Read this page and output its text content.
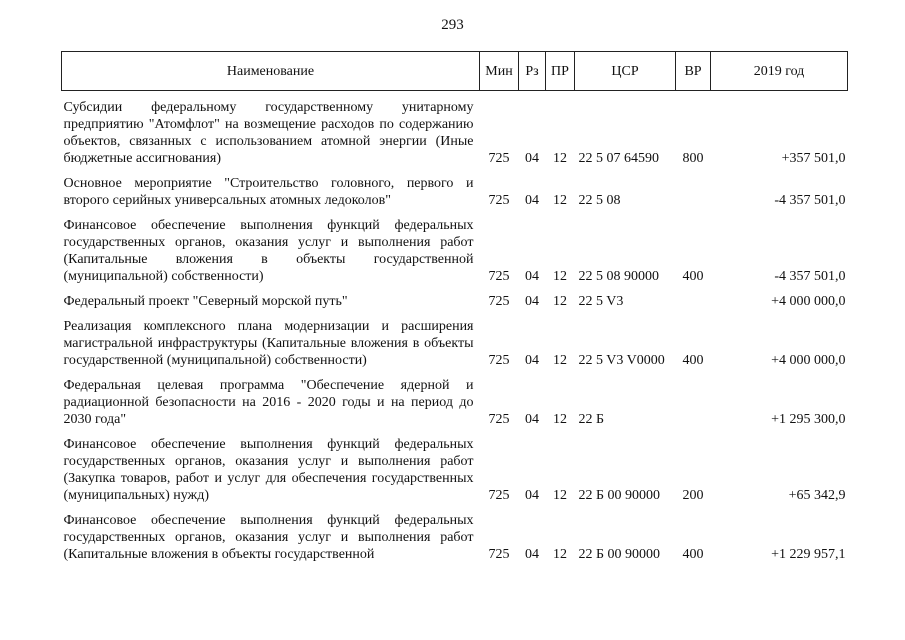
293
Наименование	Мин	Рз	ПР	ЦСР	ВР	2019 год

Субсидии федеральному государственному унитарному предприятию "Атомфлот" на возмещение расходов по содержанию объектов, связанных с использованием атомной энергии (Иные бюджетные ассигнования)	725	04	12	22 5 07 64590	800	+357 501,0

Основное мероприятие "Строительство головного, первого и второго серийных универсальных атомных ледоколов"	725	04	12	22 5 08		-4 357 501,0

Финансовое обеспечение выполнения функций федеральных государственных органов, оказания услуг и выполнения работ (Капитальные вложения в объекты государственной (муниципальной) собственности)	725	04	12	22 5 08 90000	400	-4 357 501,0

Федеральный проект "Северный морской путь"	725	04	12	22 5 V3		+4 000 000,0

Реализация комплексного плана модернизации и расширения магистральной инфраструктуры (Капитальные вложения в объекты государственной (муниципальной) собственности)	725	04	12	22 5 V3 V0000	400	+4 000 000,0

Федеральная целевая программа "Обеспечение ядерной и радиационной безопасности на 2016 - 2020 годы и на период до 2030 года"	725	04	12	22 Б		+1 295 300,0

Финансовое обеспечение выполнения функций федеральных государственных органов, оказания услуг и выполнения работ (Закупка товаров, работ и услуг для обеспечения государственных (муниципальных) нужд)	725	04	12	22 Б 00 90000	200	+65 342,9

Финансовое обеспечение выполнения функций федеральных государственных органов, оказания услуг и выполнения работ (Капитальные вложения в объекты государственной	725	04	12	22 Б 00 90000	400	+1 229 957,1
